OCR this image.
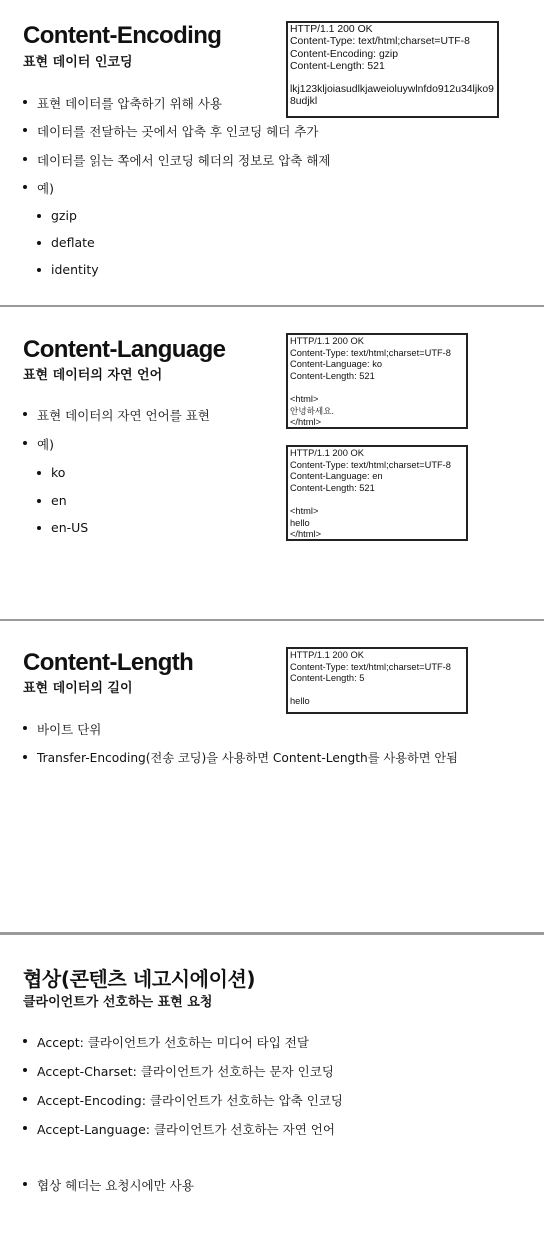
Content-Encoding
표현 데이터 인코딩
HTTP/1.1 200 OK
Content-Type: text/html;charset=UTF-8
Content-Encoding: gzip
Content-Length: 521
lkj123kljoiasudlkjaweioluywlnfdo912u34ljko98udjkl
표현 데이터를 압축하기 위해 사용
데이터를 전달하는 곳에서 압축 후 인코딩 헤더 추가
데이터를 읽는 쪽에서 인코딩 헤더의 정보로 압축 해제
예)
gzip
deflate
identity
Content-Language
표현 데이터의 자연 언어
HTTP/1.1 200 OK
Content-Type: text/html;charset=UTF-8
Content-Language: ko
Content-Length: 521
<html>
안녕하세요.
</html>
HTTP/1.1 200 OK
Content-Type: text/html;charset=UTF-8
Content-Language: en
Content-Length: 521
<html>
hello
</html>
표현 데이터의 자연 언어를 표현
예)
ko
en
en-US
Content-Length
표현 데이터의 길이
HTTP/1.1 200 OK
Content-Type: text/html;charset=UTF-8
Content-Length: 5
hello
바이트 단위
Transfer-Encoding(전송 코딩)을 사용하면 Content-Length를 사용하면 안됨
협상(콘텐츠 네고시에이션)
클라이언트가 선호하는 표현 요청
Accept: 클라이언트가 선호하는 미디어 타입 전달
Accept-Charset: 클라이언트가 선호하는 문자 인코딩
Accept-Encoding: 클라이언트가 선호하는 압축 인코딩
Accept-Language: 클라이언트가 선호하는 자연 언어
협상 헤더는 요청시에만 사용
